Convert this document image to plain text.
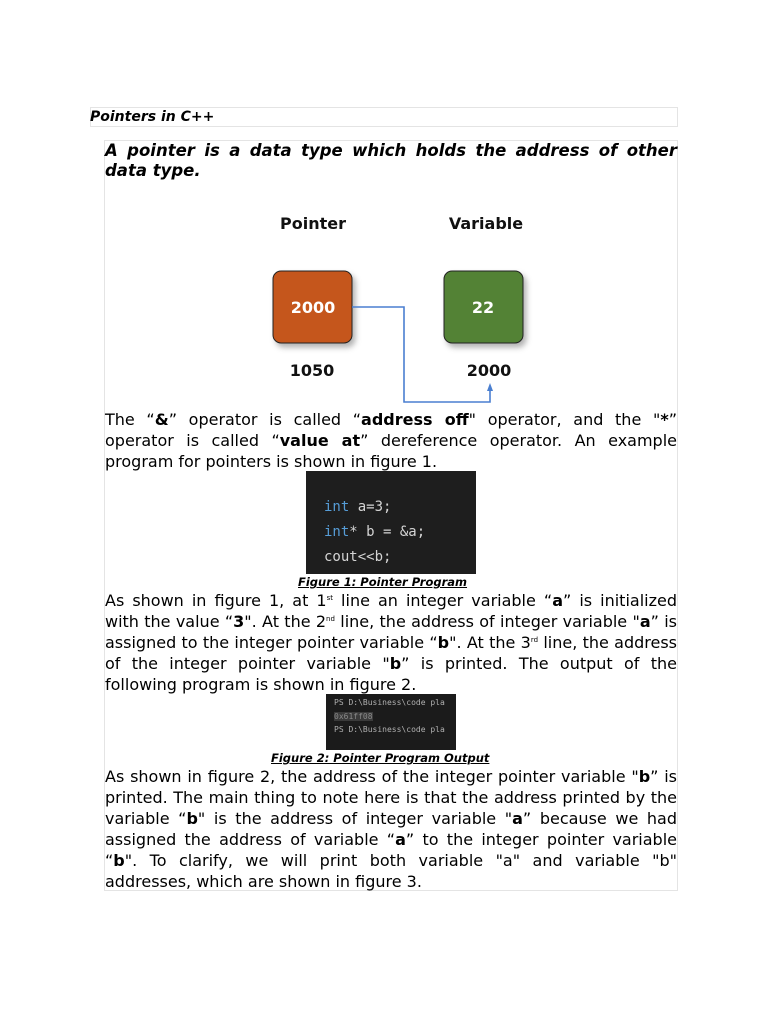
Pointers in C++

A pointer is a data type which holds the address of other data type.

Pointer	Variable
2000	22
1050	2000

The “&” operator is called “address off" operator, and the "*” operator is called “value at” dereference operator. An example program for pointers is shown in figure 1.

int a=3;
int* b = &a;
cout<<b;
Figure 1: Pointer Program

As shown in figure 1, at 1st line an integer variable “a” is initialized with the value “3". At the 2nd line, the address of integer variable "a” is assigned to the integer pointer variable “b". At the 3rd line, the address of the integer pointer variable "b” is printed. The output of the following program is shown in figure 2.

PS D:\Business\code pla
0x61ff08
PS D:\Business\code pla
Figure 2: Pointer Program Output

As shown in figure 2, the address of the integer pointer variable "b” is printed. The main thing to note here is that the address printed by the variable “b" is the address of integer variable "a” because we had assigned the address of variable “a” to the integer pointer variable “b". To clarify, we will print both variable "a" and variable "b" addresses, which are shown in figure 3.
